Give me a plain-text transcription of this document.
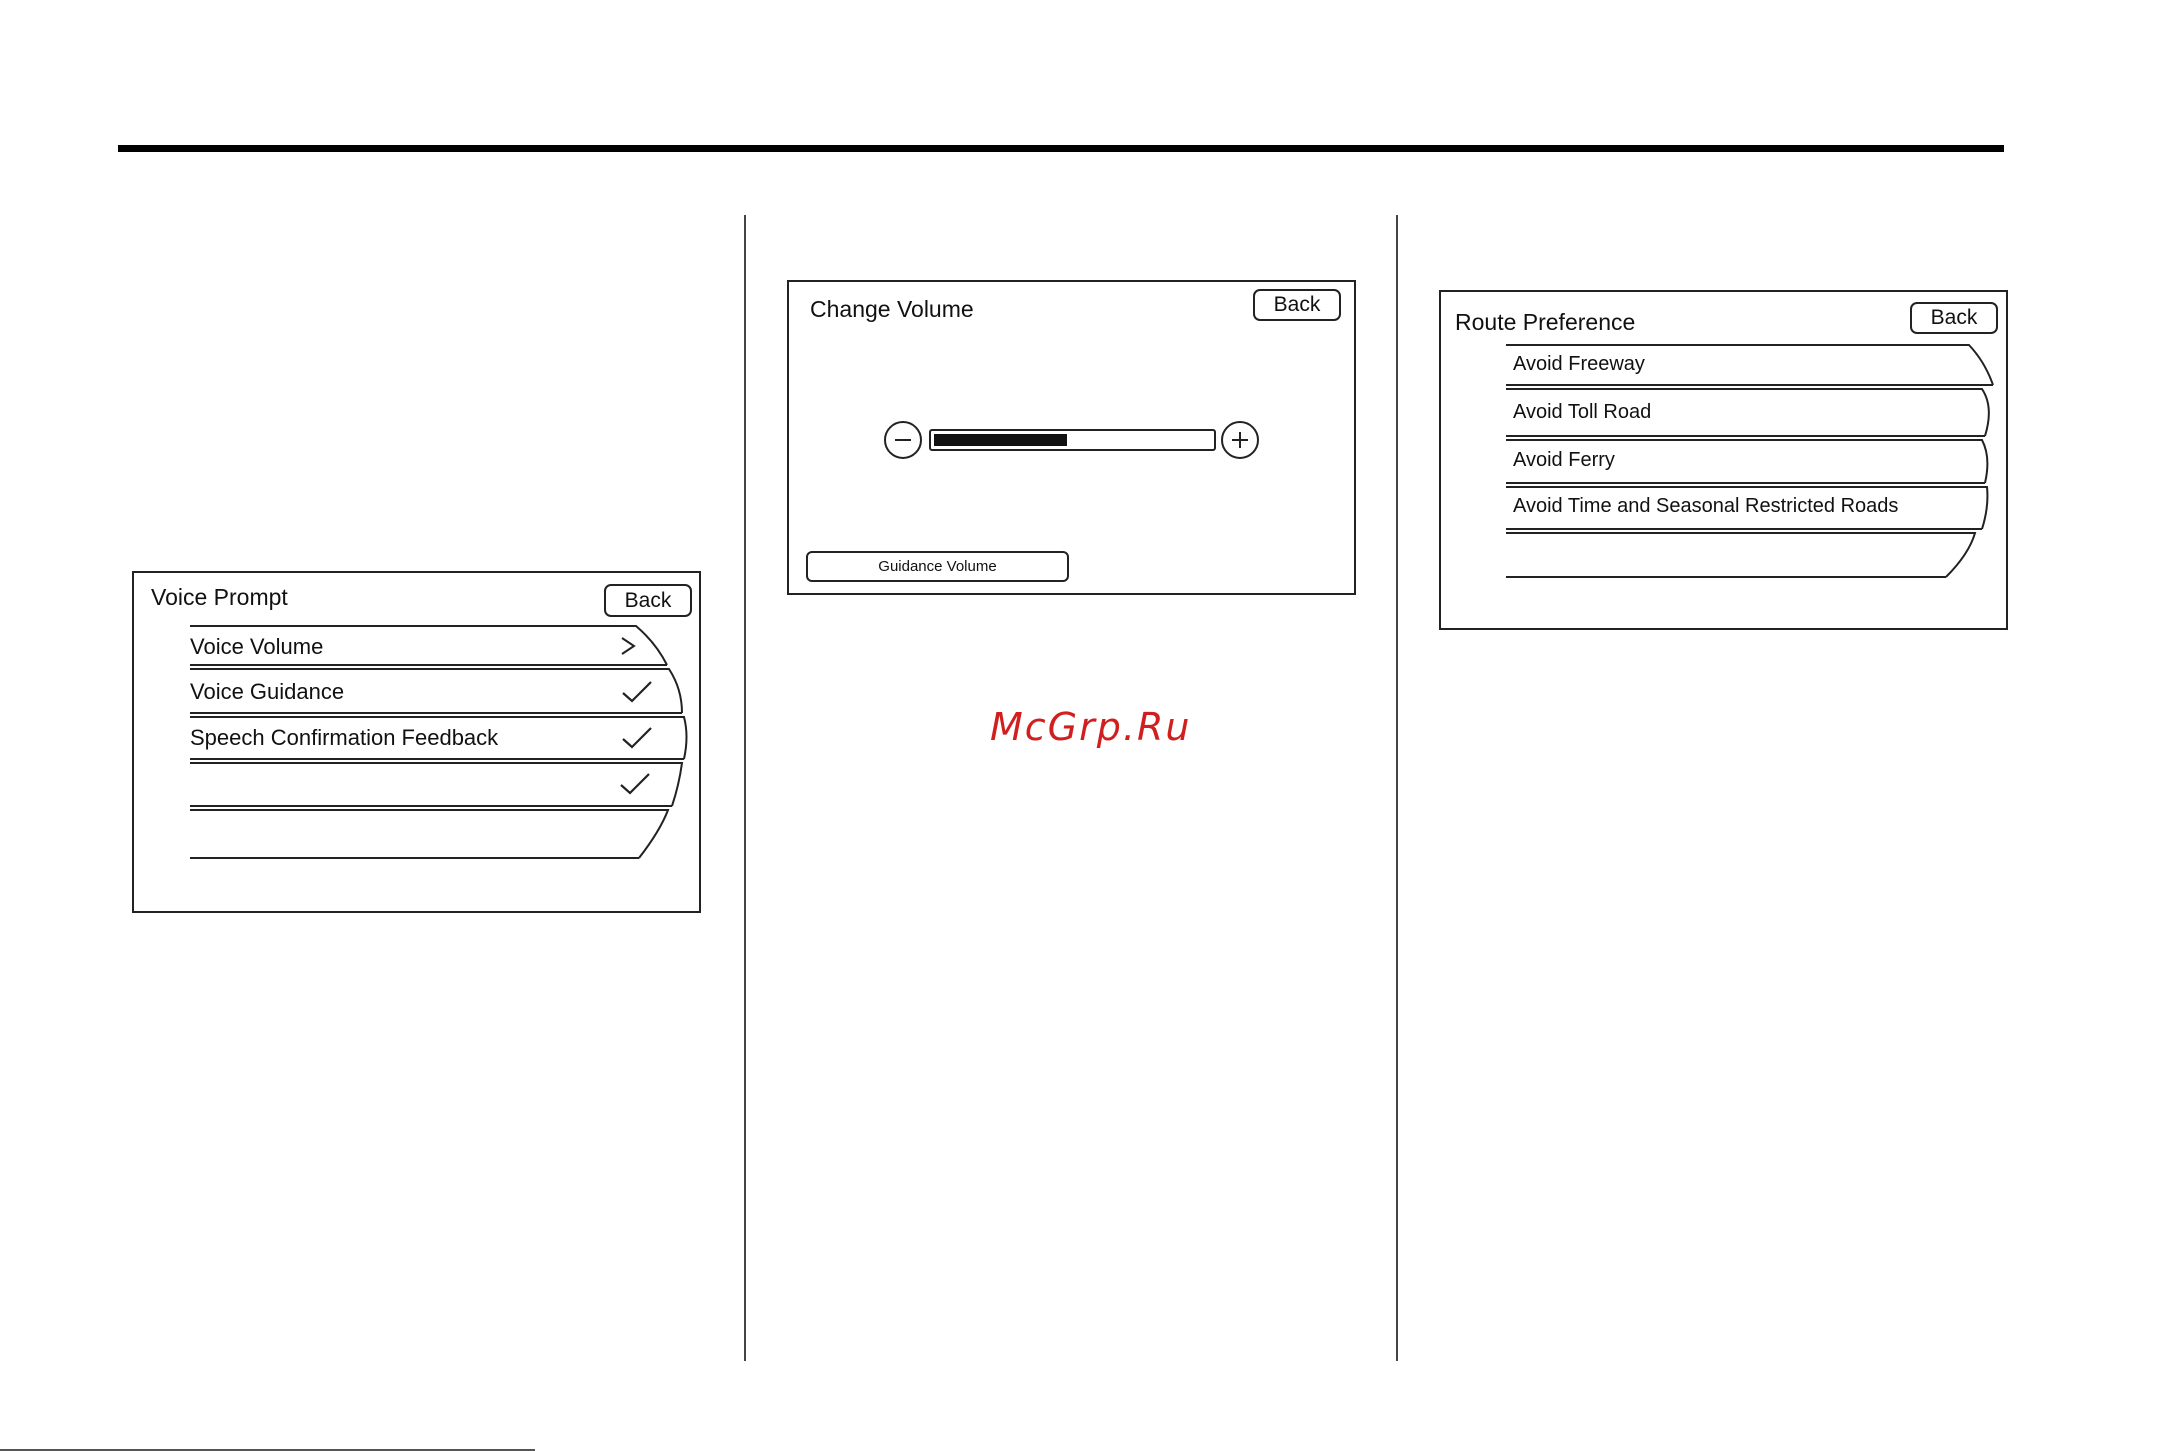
Voice Prompt	Back
Voice Volume
Voice Guidance
Speech Confirmation Feedback
Change Volume	Back
Guidance Volume
Route Preference	Back
Avoid Freeway
Avoid Toll Road
Avoid Ferry
Avoid Time and Seasonal Restricted Roads
McGrp.Ru
